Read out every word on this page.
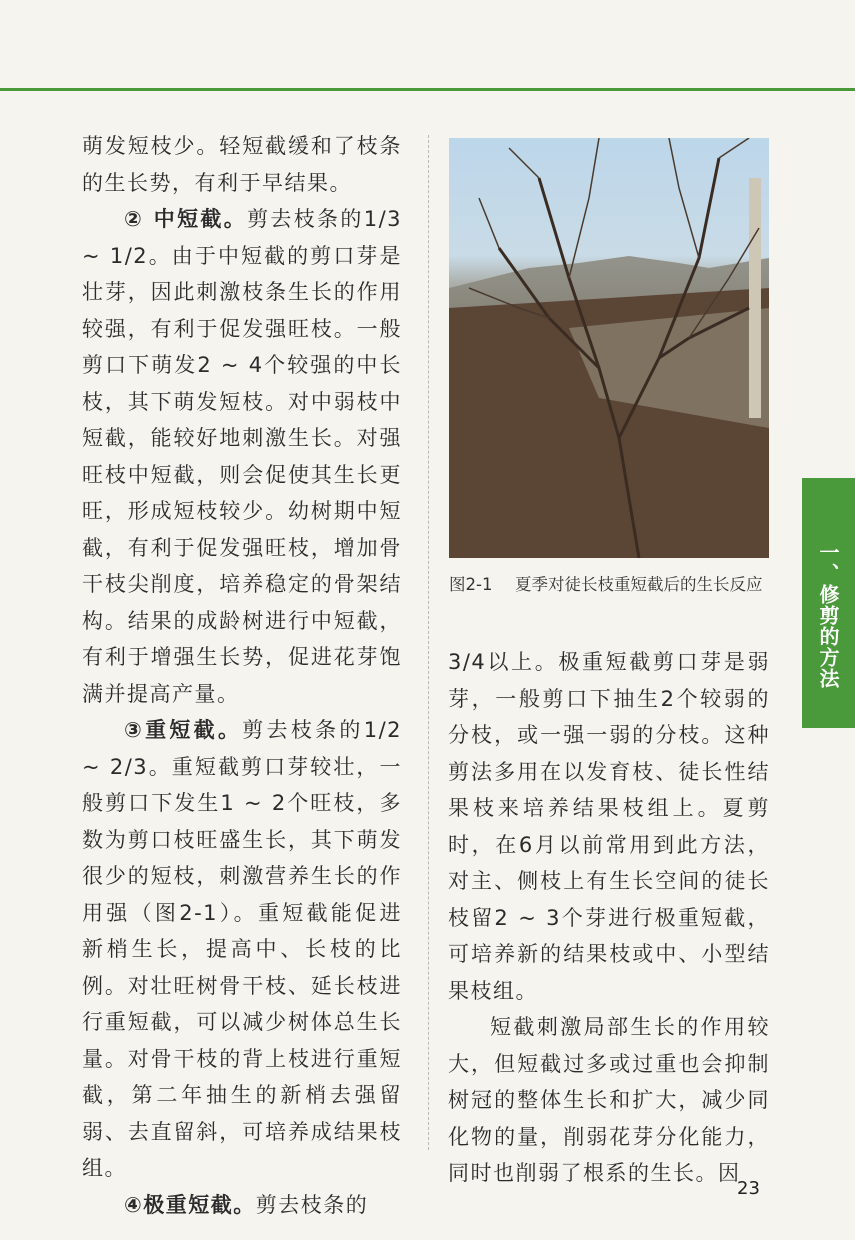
萌发短枝少。轻短截缓和了枝条的生长势，有利于早结果。

② 中短截。剪去枝条的1/3 ~ 1/2。由于中短截的剪口芽是壮芽，因此刺激枝条生长的作用较强，有利于促发强旺枝。一般剪口下萌发2 ~ 4个较强的中长枝，其下萌发短枝。对中弱枝中短截，能较好地刺激生长。对强旺枝中短截，则会促使其生长更旺，形成短枝较少。幼树期中短截，有利于促发强旺枝，增加骨干枝尖削度，培养稳定的骨架结构。结果的成龄树进行中短截，有利于增强生长势，促进花芽饱满并提高产量。

③重短截。剪去枝条的1/2 ~ 2/3。重短截剪口芽较壮，一般剪口下发生1 ~ 2个旺枝，多数为剪口枝旺盛生长，其下萌发很少的短枝，刺激营养生长的作用强（图2-1）。重短截能促进新梢生长，提高中、长枝的比例。对壮旺树骨干枝、延长枝进行重短截，可以减少树体总生长量。对骨干枝的背上枝进行重短截，第二年抽生的新梢去强留弱、去直留斜，可培养成结果枝组。

④极重短截。剪去枝条的

图2-1 夏季对徒长枝重短截后的生长反应

3/4以上。极重短截剪口芽是弱芽，一般剪口下抽生2个较弱的分枝，或一强一弱的分枝。这种剪法多用在以发育枝、徒长性结果枝来培养结果枝组上。夏剪时，在6月以前常用到此方法，对主、侧枝上有生长空间的徒长枝留2 ~ 3个芽进行极重短截，可培养新的结果枝或中、小型结果枝组。

短截刺激局部生长的作用较大，但短截过多或过重也会抑制树冠的整体生长和扩大，减少同化物的量，削弱花芽分化能力，同时也削弱了根系的生长。因

一、修剪的方法
23
